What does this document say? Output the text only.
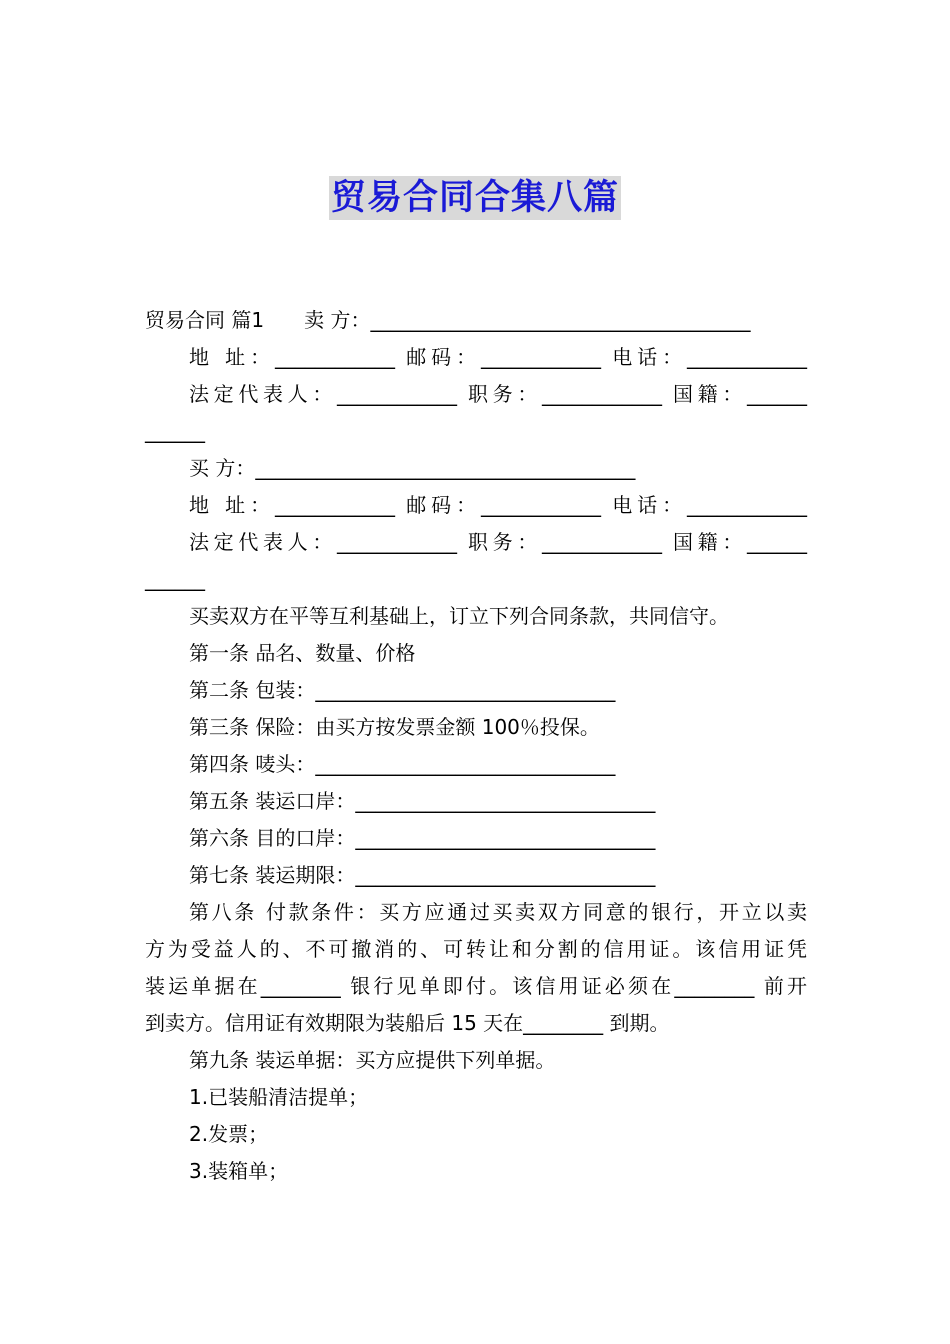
贸易合同合集八篇
贸易合同 篇1　　卖 方：______________________________________
地 址：____________ 邮码：____________ 电话：____________
法定代表人：____________ 职务：____________ 国籍：______
______
买 方：______________________________________
地 址：____________ 邮码：____________ 电话：____________
法定代表人：____________ 职务：____________ 国籍：______
______
买卖双方在平等互利基础上，订立下列合同条款，共同信守。
第一条 品名、数量、价格
第二条 包装：______________________________
第三条 保险：由买方按发票金额 100％投保。
第四条 唛头：______________________________
第五条 装运口岸：______________________________
第六条 目的口岸：______________________________
第七条 装运期限：______________________________
第八条 付款条件：买方应通过买卖双方同意的银行，开立以卖
方为受益人的、不可撤消的、可转让和分割的信用证。该信用证凭
装运单据在________ 银行见单即付。该信用证必须在________ 前开
到卖方。信用证有效期限为装船后 15 天在________ 到期。
第九条 装运单据：买方应提供下列单据。
1.已装船清洁提单；
2.发票；
3.装箱单；
